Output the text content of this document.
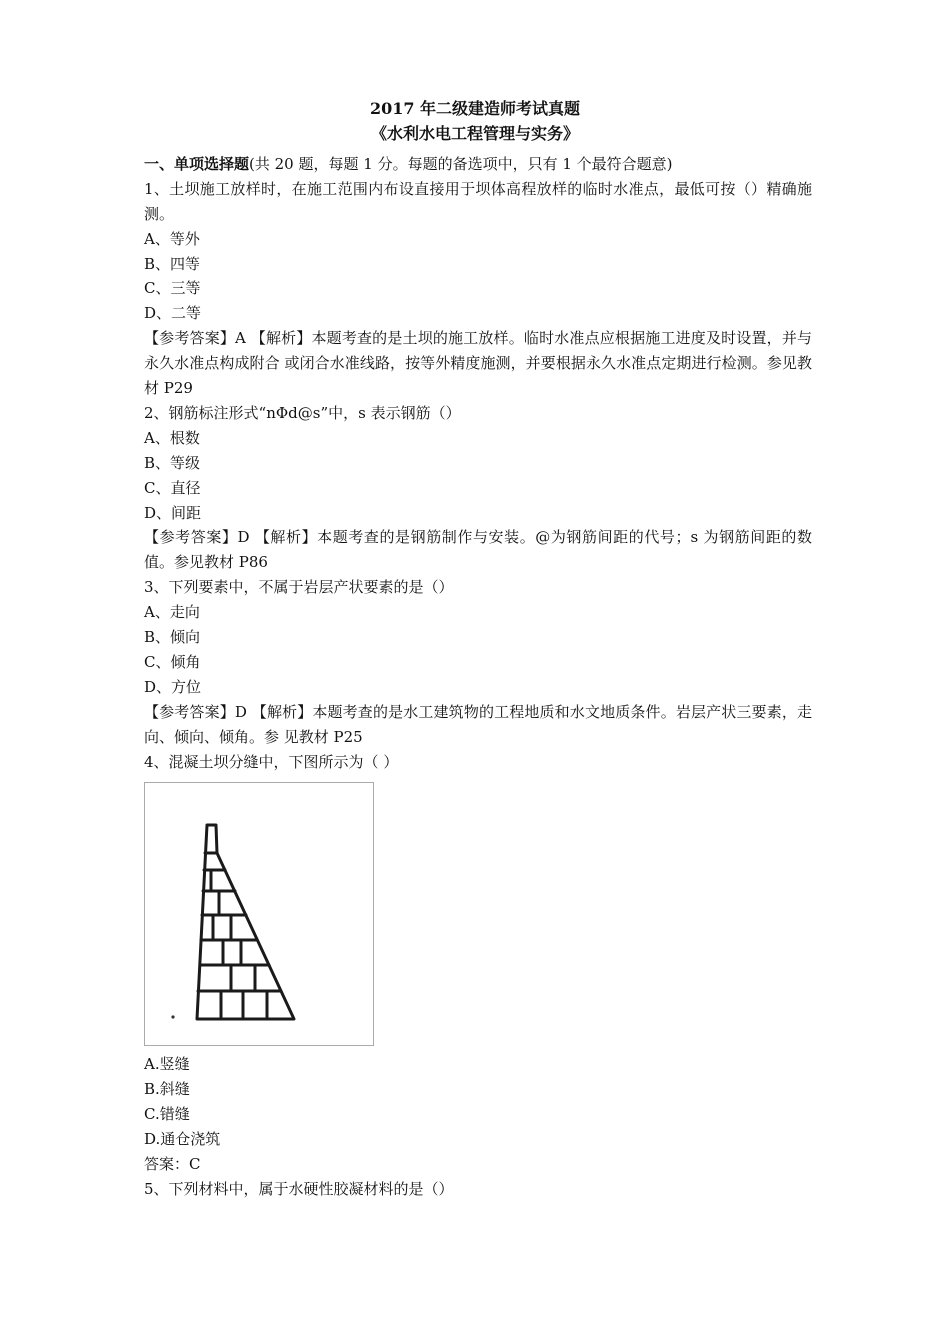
2017 年二级建造师考试真题
《水利水电工程管理与实务》
一、单项选择题(共 20 题，每题 1 分。每题的备选项中，只有 1 个最符合题意)
1、土坝施工放样时，在施工范围内布设直接用于坝体高程放样的临时水准点，最低可按（）精确施测。
A、等外
B、四等
C、三等
D、二等
【参考答案】A 【解析】本题考查的是土坝的施工放样。临时水准点应根据施工进度及时设置，并与永久水准点构成附合 或闭合水准线路，按等外精度施测，并要根据永久水准点定期进行检测。参见教材 P29
2、钢筋标注形式“nΦd@s”中，s 表示钢筋（）
A、根数
B、等级
C、直径
D、间距
【参考答案】D 【解析】本题考查的是钢筋制作与安装。@为钢筋间距的代号；s 为钢筋间距的数值。参见教材 P86
3、下列要素中，不属于岩层产状要素的是（）
A、走向
B、倾向
C、倾角
D、方位
【参考答案】D 【解析】本题考查的是水工建筑物的工程地质和水文地质条件。岩层产状三要素，走向、倾向、倾角。参 见教材 P25
4、混凝土坝分缝中，下图所示为（ ）
A.竖缝
B.斜缝
C.错缝
D.通仓浇筑
答案：C
5、下列材料中，属于水硬性胶凝材料的是（）
